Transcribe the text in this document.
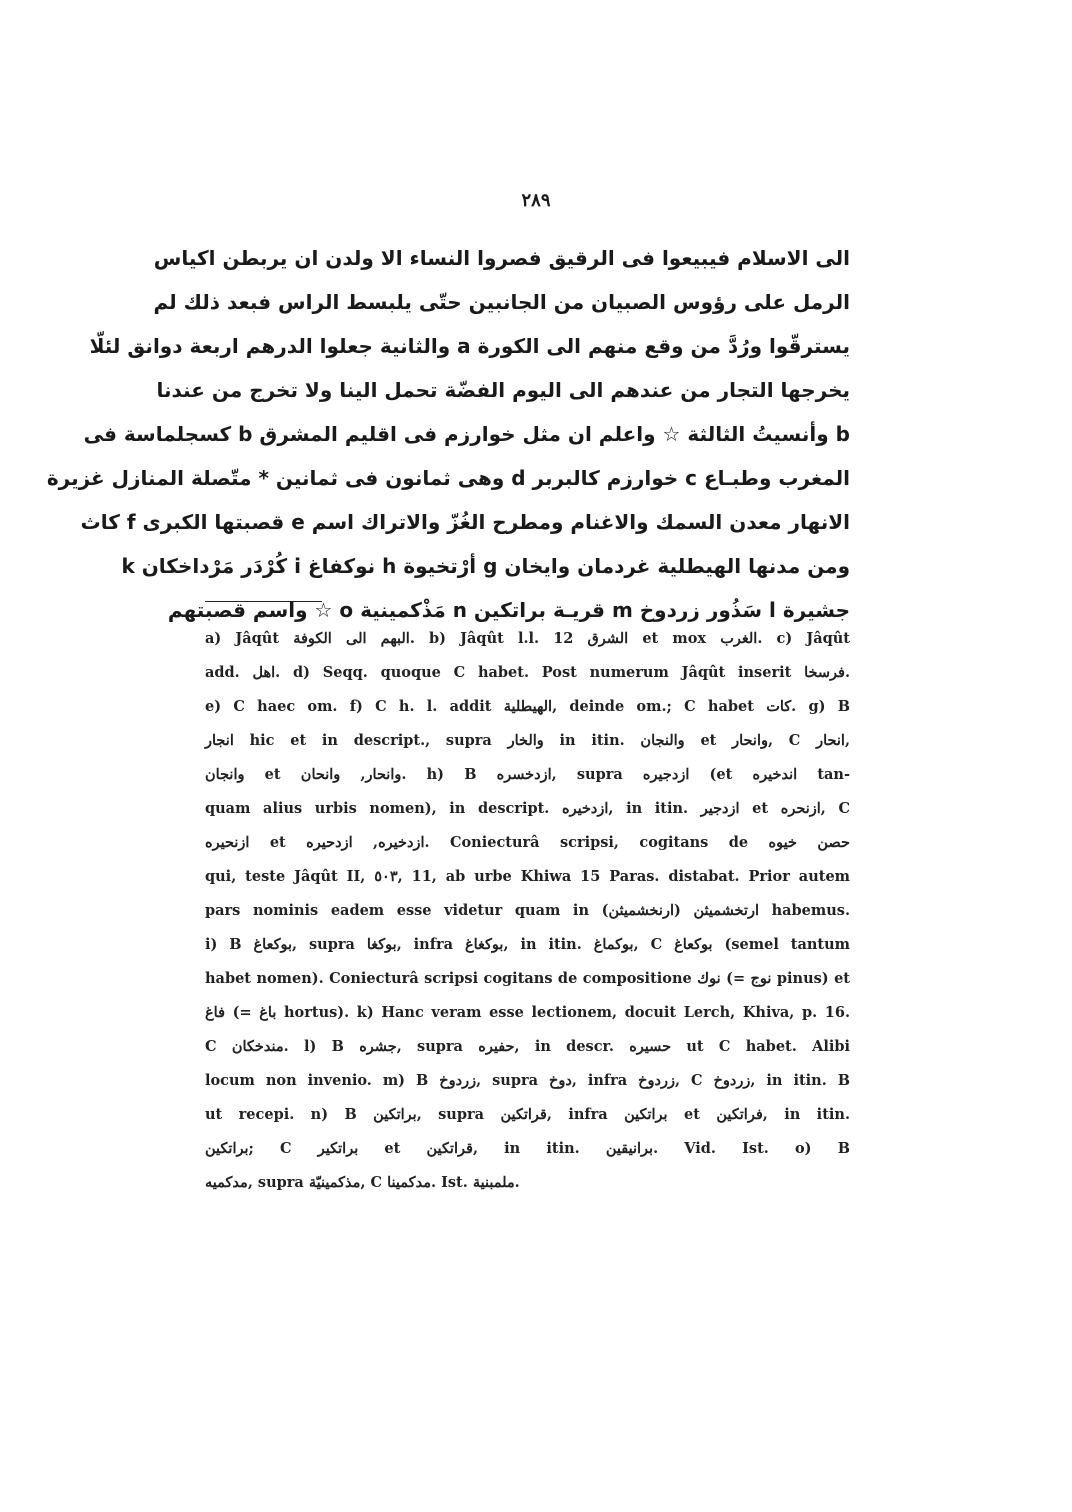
٢٨٩
الى الاسلام فيبيعوا فى الرقيق فصروا النساء الا ولدن ان يربطن اكياس
الرمل على رؤوس الصبيان من الجانبين حتّى يلبسط الراس فبعد ذلك لم
يسترقّوا ورُدَّ من وقع منهم الى الكورة a والثانية جعلوا الدرهم اربعة دوانق لئلّا
يخرجها التجار من عندهم الى اليوم الفضّة تحمل الينا ولا تخرج من عندنا
b وأنسيتُ الثالثة ☆ واعلم ان مثل خوارزم فى اقليم المشرق b كسجلماسة فى
المغرب وطبـاع c خوارزم كالبربر d وهى ثمانون فى ثمانين * متّصلة المنازل غزيرة
الانهار معدن السمك والاغنام ومطرح الغُزّ والاتراك اسم e قصبتها الكبرى f كاث
ومن مدنها الهيطلية غردمان وايخان g أرْتخيوة h نوكفاغ i كُرْدَر مَرْداخكان k
جشيرة l سَذُور زردوخ m قريـة براتكين n مَذْكمينية o ☆ واسم قصبتهم
a) Jâqût البهم الى الكوفة. b) Jâqût l.l. 12 الشرق et mox الغرب. c) Jâqût
add. اهل. d) Seqq. quoque C habet. Post numerum Jâqût inserit فرسخا.
e) C haec om. f) C h. l. addit الهيطلية, deinde om.; C habet كات. g) B
انجار hic et in descript., supra والخار in itin. والنجان et وانحار, C انحار,
وانجان et وانحار, وانحان. h) B ازدخسره, supra ازدجيره (et اندخيره tan-
quam alius urbis nomen), in descript. ازدخيره, in itin. ازدجير et ازنحره, C
ازنحيره et ازدخيره, ازدحيره. Coniecturâ scripsi, cogitans de حصن خيوه
qui, teste Jâqût II, ٥٠٣, 11, ab urbe Khiwa 15 Paras. distabat. Prior autem
pars nominis eadem esse videtur quam in ارتخشميثن (ارنخشميثن) habemus.
i) B بوكعاغ, supra بوكغا, infra بوكغاغ, in itin. بوكماغ, C بوكعاغ (semel tantum
habet nomen). Coniecturâ scripsi cogitans de compositione نوك (= نوج pinus) et
فاغ (= باغ hortus). k) Hanc veram esse lectionem, docuit Lerch, Khiva, p. 16.
C مندخكان. l) B جشره, supra حفيره, in descr. حسيره ut C habet. Alibi
locum non invenio. m) B زردوخ, supra دوخ, infra زردوخ, C زردوخ, in itin. B
ut recepi. n) B براتكين, supra قراتكين, infra براتكين et فراتكين, in itin.
براتكين; C براتكير et قراتكين, in itin. برانيقين. Vid. Ist. o) B
مدكميه, supra مذكمينيّة, C مدكمينا. Ist. ملمبنية.
